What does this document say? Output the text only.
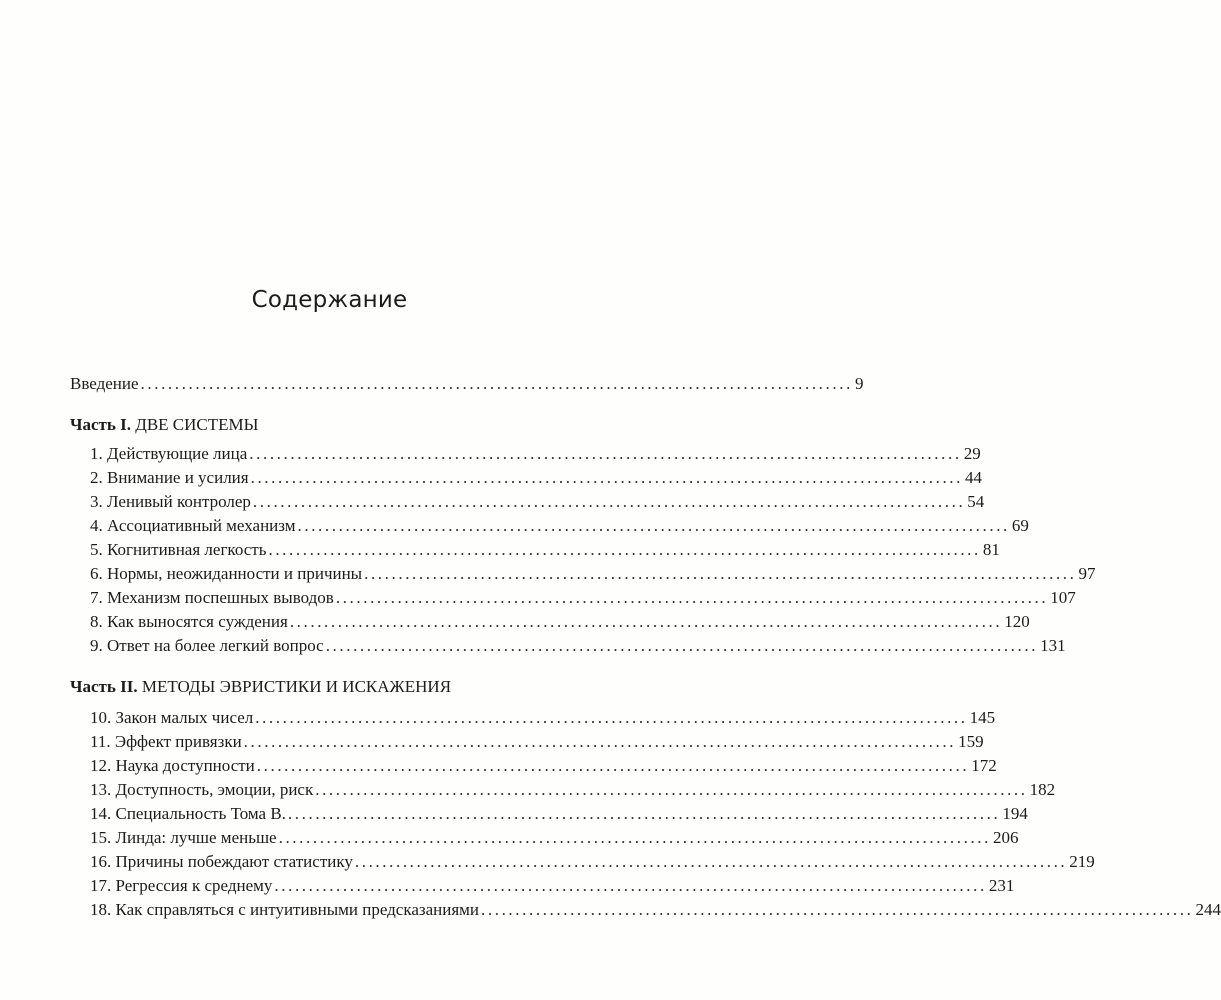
Содержание
Введение ........................................................................................................ 9
Часть I. ДВЕ СИСТЕМЫ
1. Действующие лица ........................................................................................................ 29
2. Внимание и усилия ........................................................................................................ 44
3. Ленивый контролер ........................................................................................................ 54
4. Ассоциативный механизм ........................................................................................................ 69
5. Когнитивная легкость ........................................................................................................ 81
6. Нормы, неожиданности и причины ........................................................................................................ 97
7. Механизм поспешных выводов ........................................................................................................ 107
8. Как выносятся суждения ........................................................................................................ 120
9. Ответ на более легкий вопрос ........................................................................................................ 131
Часть II. МЕТОДЫ ЭВРИСТИКИ И ИСКАЖЕНИЯ
10. Закон малых чисел ........................................................................................................ 145
11. Эффект привязки ........................................................................................................ 159
12. Наука доступности ........................................................................................................ 172
13. Доступность, эмоции, риск ........................................................................................................ 182
14. Специальность Тома В. ........................................................................................................ 194
15. Линда: лучше меньше ........................................................................................................ 206
16. Причины побеждают статистику ........................................................................................................ 219
17. Регрессия к среднему ........................................................................................................ 231
18. Как справляться с интуитивными предсказаниями ........................................................................................................ 244
